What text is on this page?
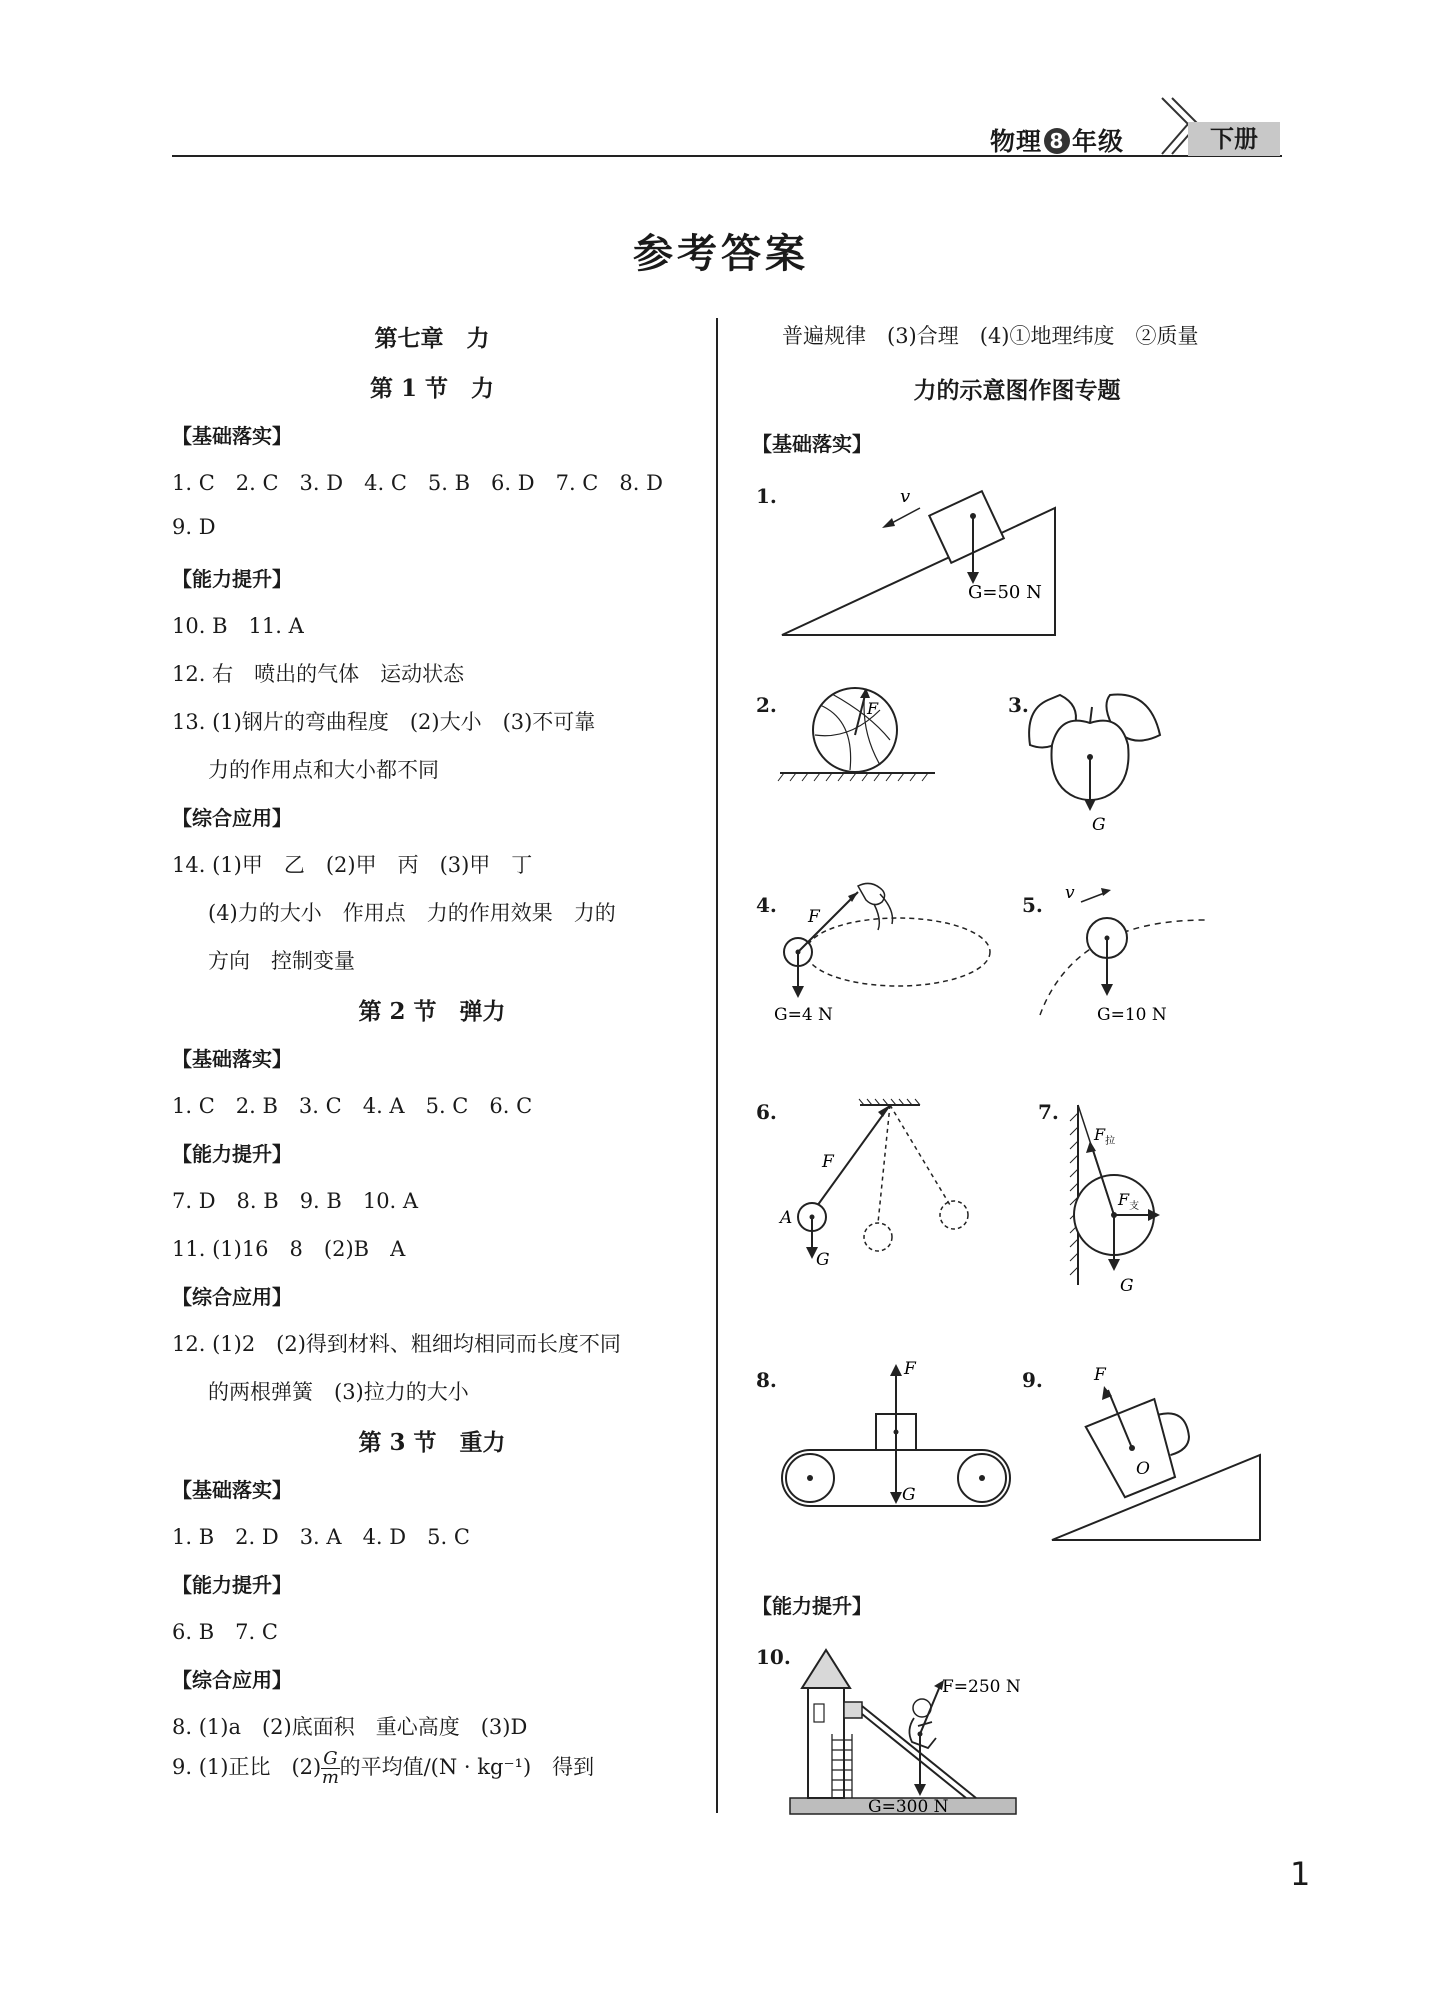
物理 8 年级	下册
参考答案
第七章　力
第 1 节　力
【基础落实】
1. C　2. C　3. D　4. C　5. B　6. D　7. C　8. D
9. D
【能力提升】
10. B　11. A
12. 右　喷出的气体　运动状态
13. (1)钢片的弯曲程度　(2)大小　(3)不可靠
力的作用点和大小都不同
【综合应用】
14. (1)甲　乙　(2)甲　丙　(3)甲　丁
(4)力的大小　作用点　力的作用效果　力的
方向　控制变量
第 2 节　弹力
【基础落实】
1. C　2. B　3. C　4. A　5. C　6. C
【能力提升】
7. D　8. B　9. B　10. A
11. (1)16　8　(2)B　A
【综合应用】
12. (1)2　(2)得到材料、粗细均相同而长度不同
的两根弹簧　(3)拉力的大小
第 3 节　重力
【基础落实】
1. B　2. D　3. A　4. D　5. C
【能力提升】
6. B　7. C
【综合应用】
8. (1)a　(2)底面积　重心高度　(3)D
9. (1)正比　$(2) \frac{G}{m}$ 的平均值/(N · kg⁻¹)　得到
普遍规律　(3)合理　(4)①地理纬度　②质量
力的示意图作图专题
【基础落实】
【能力提升】
1.	v
G=50 N
2.	F	3.
G
4. F
G=4 N
5. v
G=10 N
6.
F
A
G
7.
$F_拉$
$F_支$
G
8.	F
G
9.	F
O
10.
F=250 N
G=300 N
1
